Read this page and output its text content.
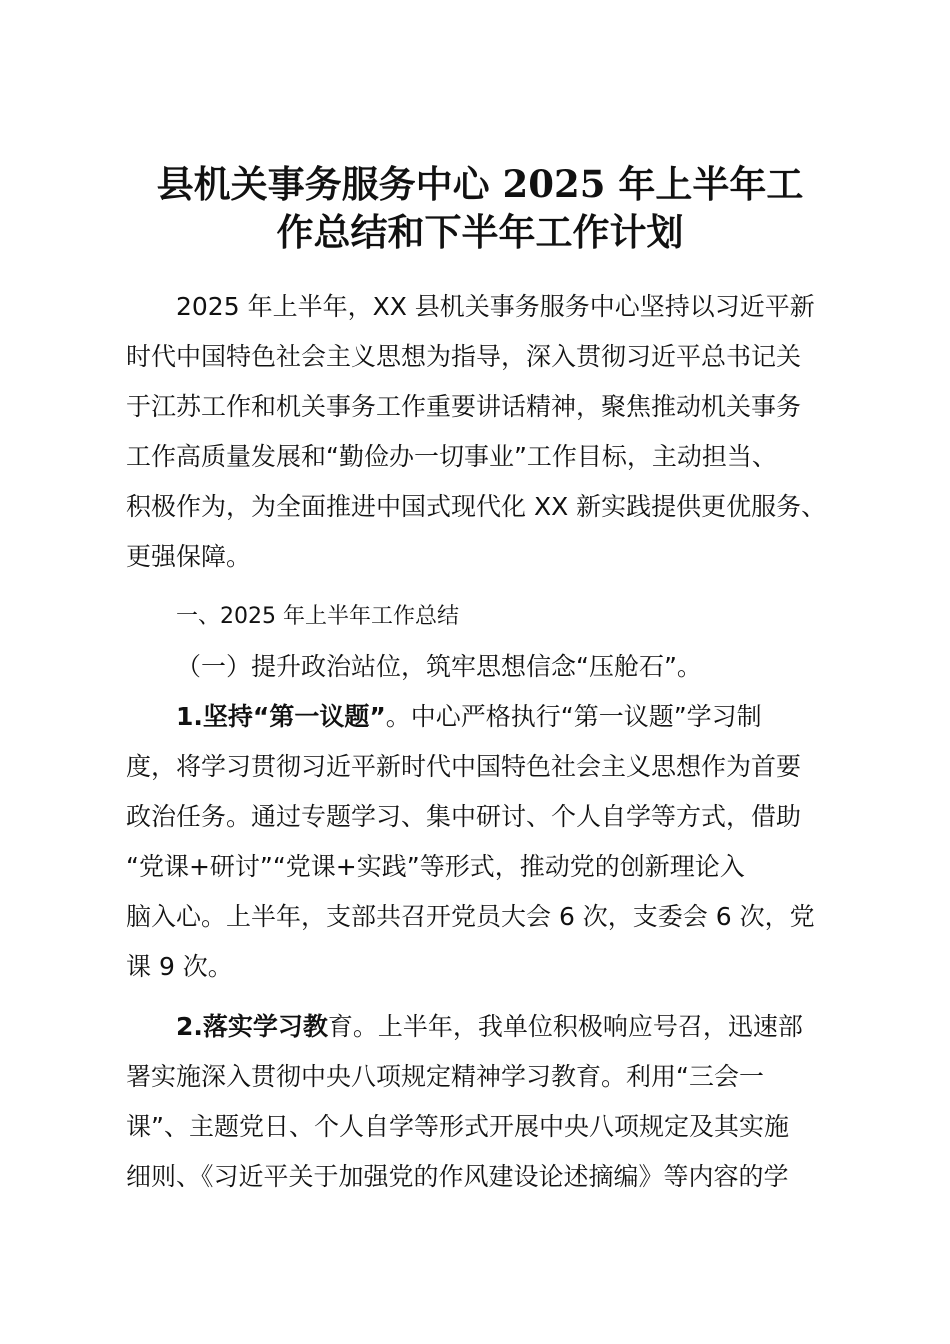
县机关事务服务中心 2025 年上半年工
作总结和下半年工作计划
2025 年上半年，XX 县机关事务服务中心坚持以习近平新
时代中国特色社会主义思想为指导，深入贯彻习近平总书记关
于江苏工作和机关事务工作重要讲话精神，聚焦推动机关事务
工作高质量发展和“勤俭办一切事业”工作目标，主动担当、
积极作为，为全面推进中国式现代化 XX 新实践提供更优服务、
更强保障。
一、2025 年上半年工作总结
（一）提升政治站位，筑牢思想信念“压舱石”。
1.坚持“第一议题”。中心严格执行“第一议题”学习制
度，将学习贯彻习近平新时代中国特色社会主义思想作为首要
政治任务。通过专题学习、集中研讨、个人自学等方式，借助
“党课+研讨”“党课+实践”等形式，推动党的创新理论入
脑入心。上半年，支部共召开党员大会 6 次，支委会 6 次，党
课 9 次。
2.落实学习教育。上半年，我单位积极响应号召，迅速部
署实施深入贯彻中央八项规定精神学习教育。利用“三会一
课”、主题党日、个人自学等形式开展中央八项规定及其实施
细则、《习近平关于加强党的作风建设论述摘编》等内容的学
